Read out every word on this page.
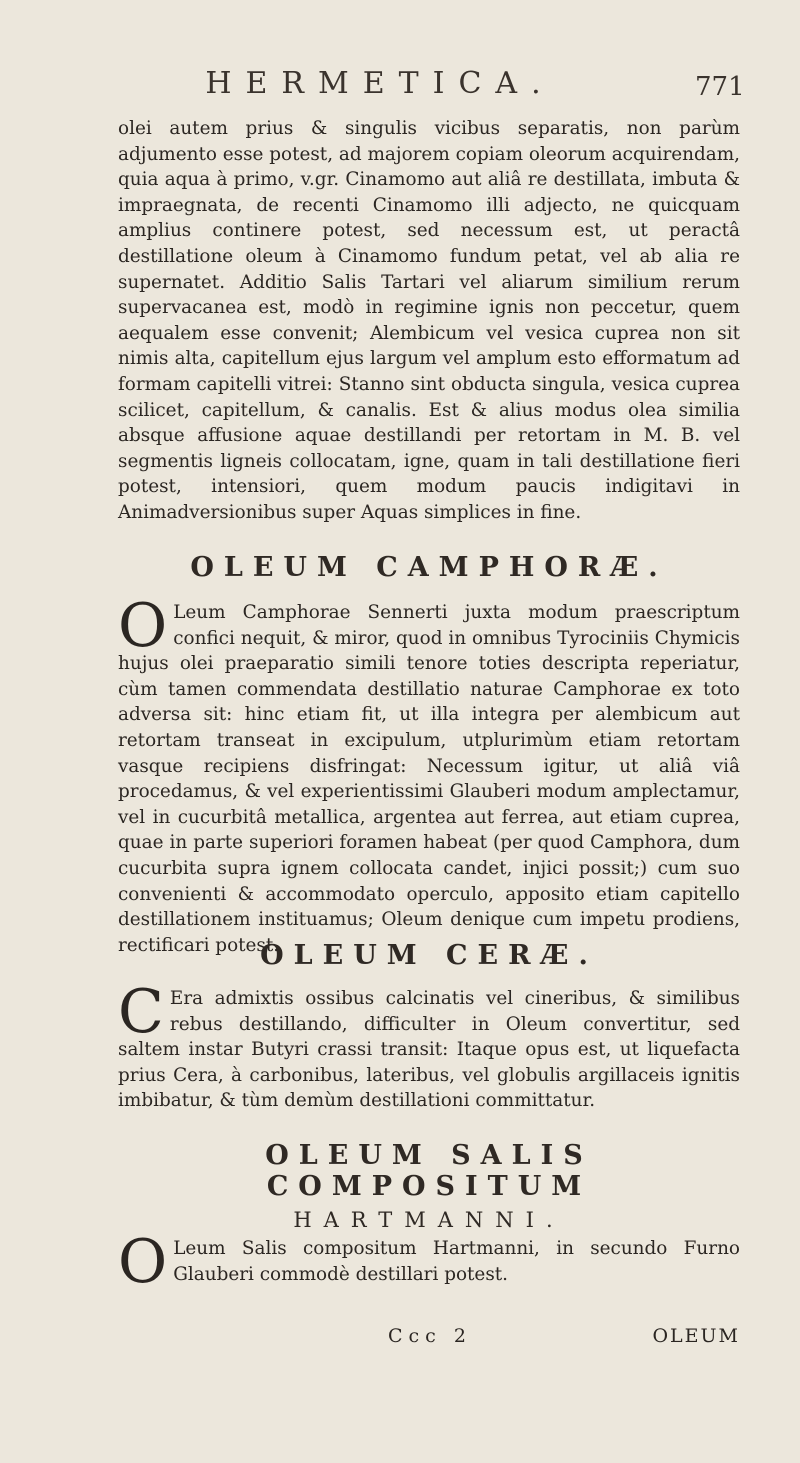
HERMETICA.	771

olei autem prius & singulis vicibus separatis, non parùm adjumento esse potest, ad majorem copiam oleorum acquirendam, quia aqua à primo, v.gr. Cinamomo aut aliâ re destillata, imbuta & impraegnata, de recenti Cinamomo illi adjecto, ne quicquam amplius continere potest, sed necessum est, ut peractâ destillatione oleum à Cinamomo fundum petat, vel ab alia re supernatet. Additio Salis Tartari vel aliarum similium rerum supervacanea est, modò in regimine ignis non peccetur, quem aequalem esse convenit; Alembicum vel vesica cuprea non sit nimis alta, capitellum ejus largum vel amplum esto efformatum ad formam capitelli vitrei: Stanno sint obducta singula, vesica cuprea scilicet, capitellum, & canalis. Est & alius modus olea similia absque affusione aquae destillandi per retortam in M. B. vel segmentis ligneis collocatam, igne, quam in tali destillatione fieri potest, intensiori, quem modum paucis indigitavi in Animadversionibus super Aquas simplices in fine.

OLEUM CAMPHORÆ.
O Leum Camphorae Sennerti juxta modum praescriptum confici nequit, & miror, quod in omnibus Tyrociniis Chymicis hujus olei praeparatio simili tenore toties descripta reperiatur, cùm tamen commendata destillatio naturae Camphorae ex toto adversa sit: hinc etiam fit, ut illa integra per alembicum aut retortam transeat in excipulum, utplurimùm etiam retortam vasque recipiens disfringat: Necessum igitur, ut aliâ viâ procedamus, & vel experientissimi Glauberi modum amplectamur, vel in cucurbitâ metallica, argentea aut ferrea, aut etiam cuprea, quae in parte superiori foramen habeat (per quod Camphora, dum cucurbita supra ignem collocata candet, injici possit;) cum suo convenienti & accommodato operculo, apposito etiam capitello destillationem instituamus; Oleum denique cum impetu prodiens, rectificari potest.

OLEUM CERÆ.
C Era admixtis ossibus calcinatis vel cineribus, & similibus rebus destillando, difficulter in Oleum convertitur, sed saltem instar Butyri crassi transit: Itaque opus est, ut liquefacta prius Cera, à carbonibus, lateribus, vel globulis argillaceis ignitis imbibatur, & tùm demùm destillationi committatur.

OLEUM SALIS COMPOSITUM
HARTMANNI.
O Leum Salis compositum Hartmanni, in secundo Furno Glauberi commodè destillari potest.

Ccc 2	OLEUM
